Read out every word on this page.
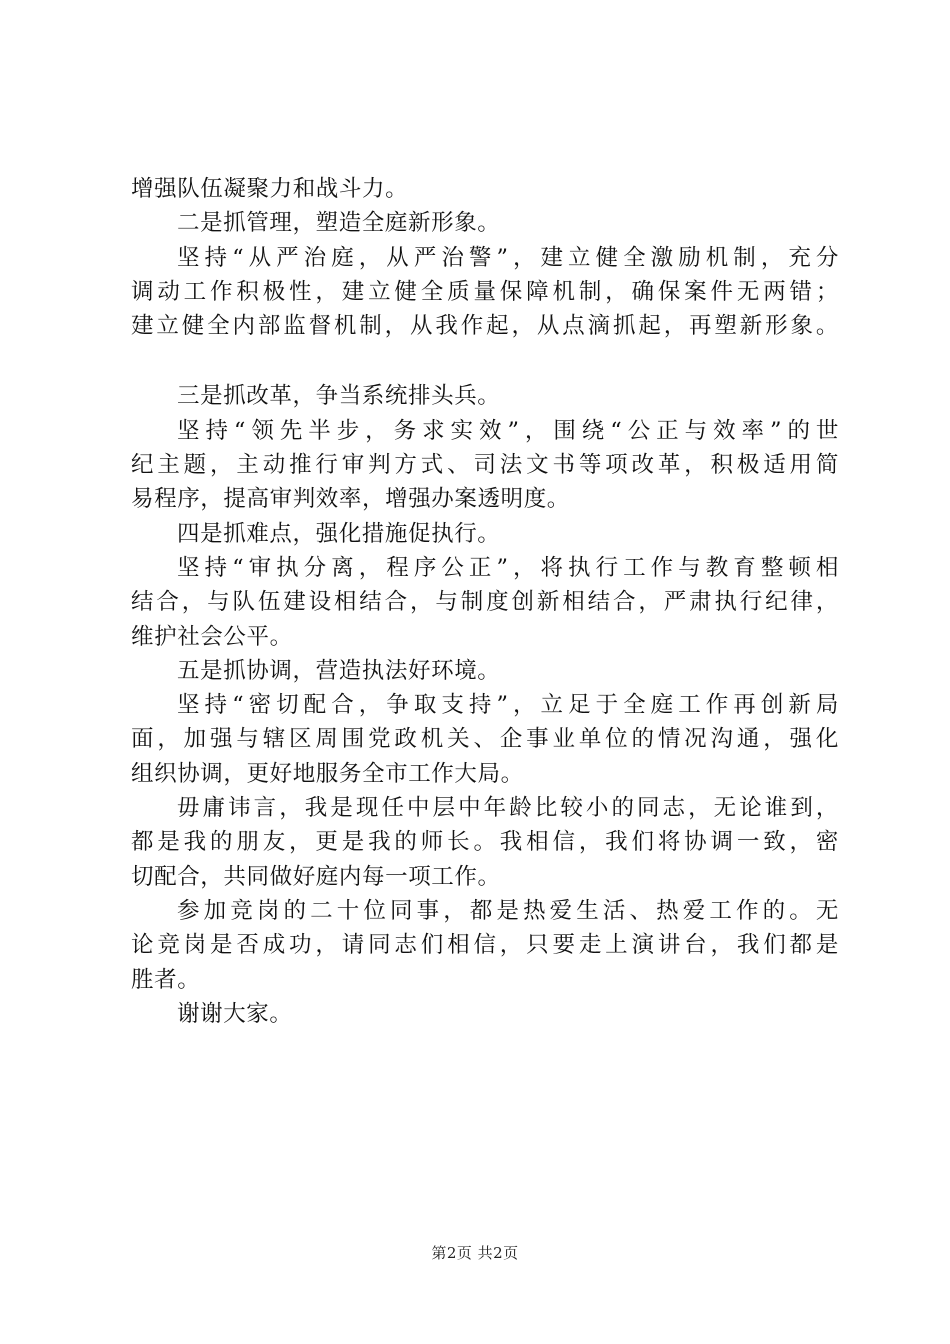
增强队伍凝聚力和战斗力。
二是抓管理，塑造全庭新形象。
坚持“从严治庭，从严治警”，建立健全激励机制，充分
调动工作积极性，建立健全质量保障机制，确保案件无两错；
建立健全内部监督机制，从我作起，从点滴抓起，再塑新形象。
三是抓改革，争当系统排头兵。
坚持“领先半步，务求实效”，围绕“公正与效率”的世
纪主题，主动推行审判方式、司法文书等项改革，积极适用简
易程序，提高审判效率，增强办案透明度。
四是抓难点，强化措施促执行。
坚持“审执分离，程序公正”，将执行工作与教育整顿相
结合，与队伍建设相结合，与制度创新相结合，严肃执行纪律，
维护社会公平。
五是抓协调，营造执法好环境。
坚持“密切配合，争取支持”，立足于全庭工作再创新局
面，加强与辖区周围党政机关、企事业单位的情况沟通，强化
组织协调，更好地服务全市工作大局。
毋庸讳言，我是现任中层中年龄比较小的同志，无论谁到，
都是我的朋友，更是我的师长。我相信，我们将协调一致，密
切配合，共同做好庭内每一项工作。
参加竞岗的二十位同事，都是热爱生活、热爱工作的。无
论竞岗是否成功，请同志们相信，只要走上演讲台，我们都是
胜者。
谢谢大家。
第2页 共2页
